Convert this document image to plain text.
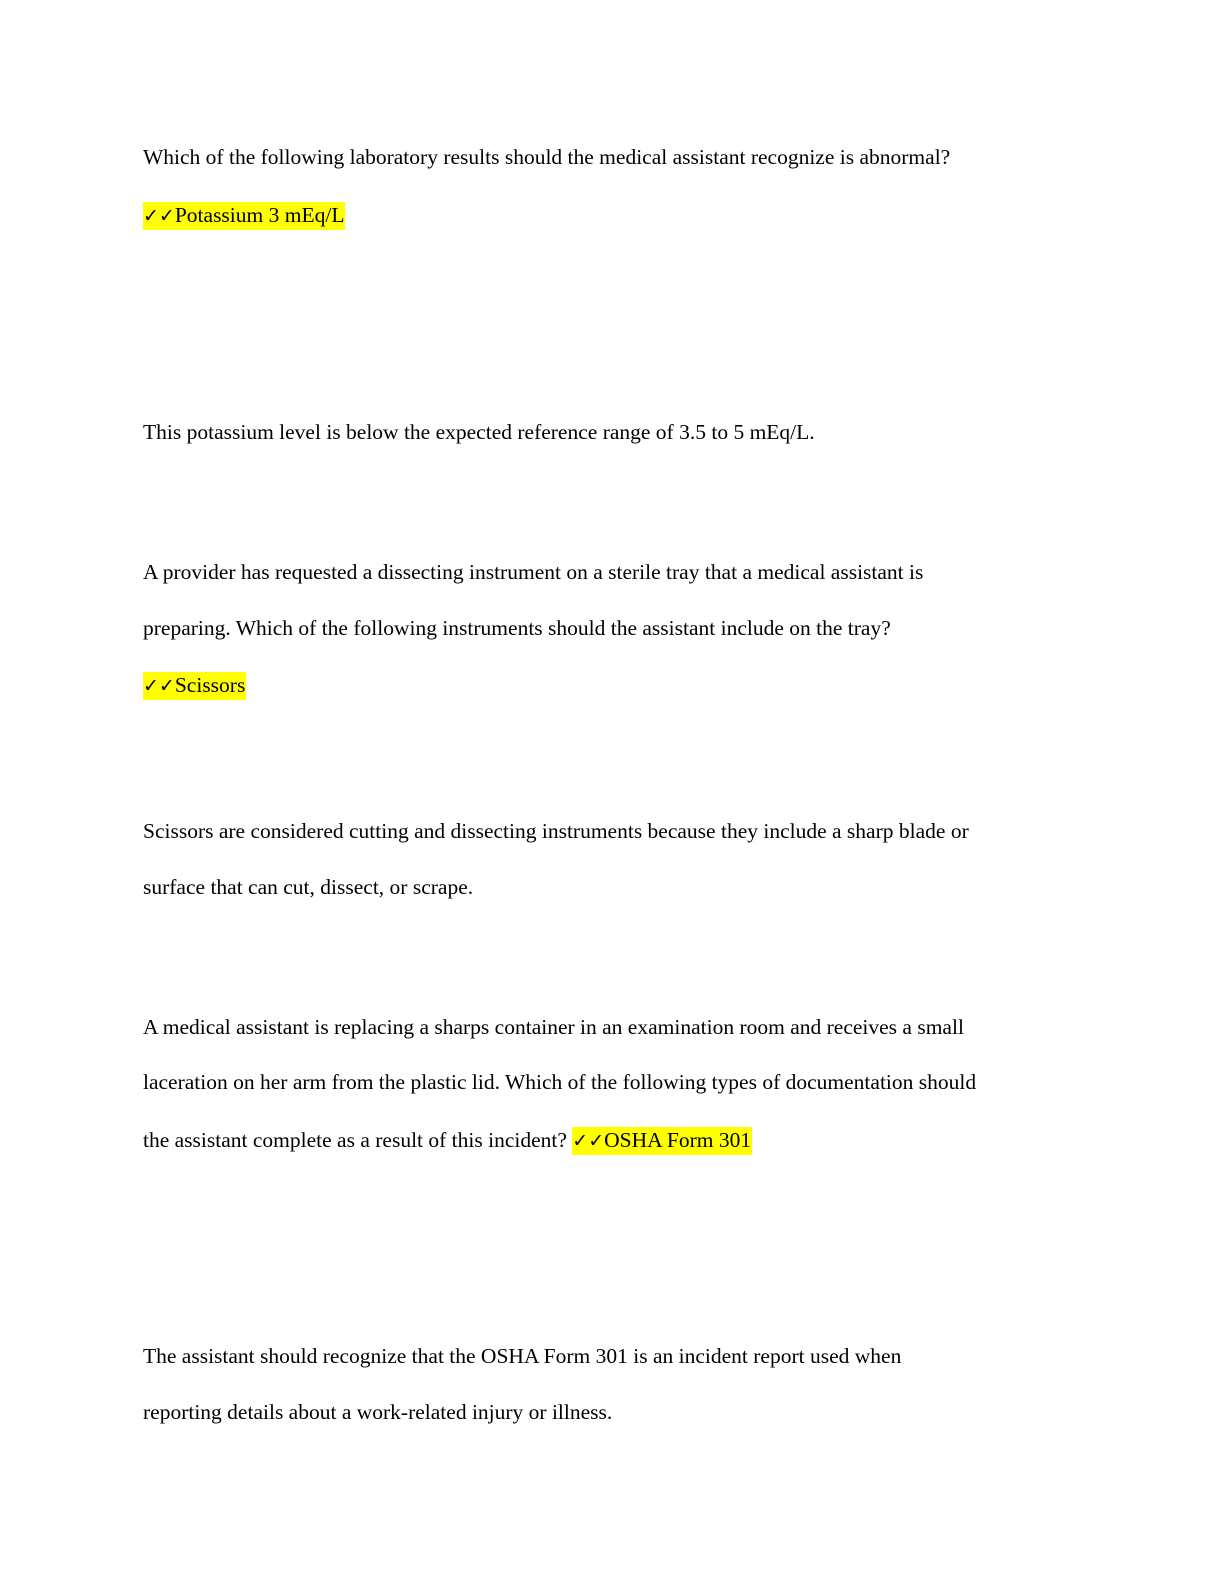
Which of the following laboratory results should the medical assistant recognize is abnormal?
✓✓Potassium 3 mEq/L
This potassium level is below the expected reference range of 3.5 to 5 mEq/L.
A provider has requested a dissecting instrument on a sterile tray that a medical assistant is
preparing. Which of the following instruments should the assistant include on the tray?
✓✓Scissors
Scissors are considered cutting and dissecting instruments because they include a sharp blade or
surface that can cut, dissect, or scrape.
A medical assistant is replacing a sharps container in an examination room and receives a small
laceration on her arm from the plastic lid. Which of the following types of documentation should
the assistant complete as a result of this incident? ✓✓OSHA Form 301
The assistant should recognize that the OSHA Form 301 is an incident report used when
reporting details about a work-related injury or illness.
